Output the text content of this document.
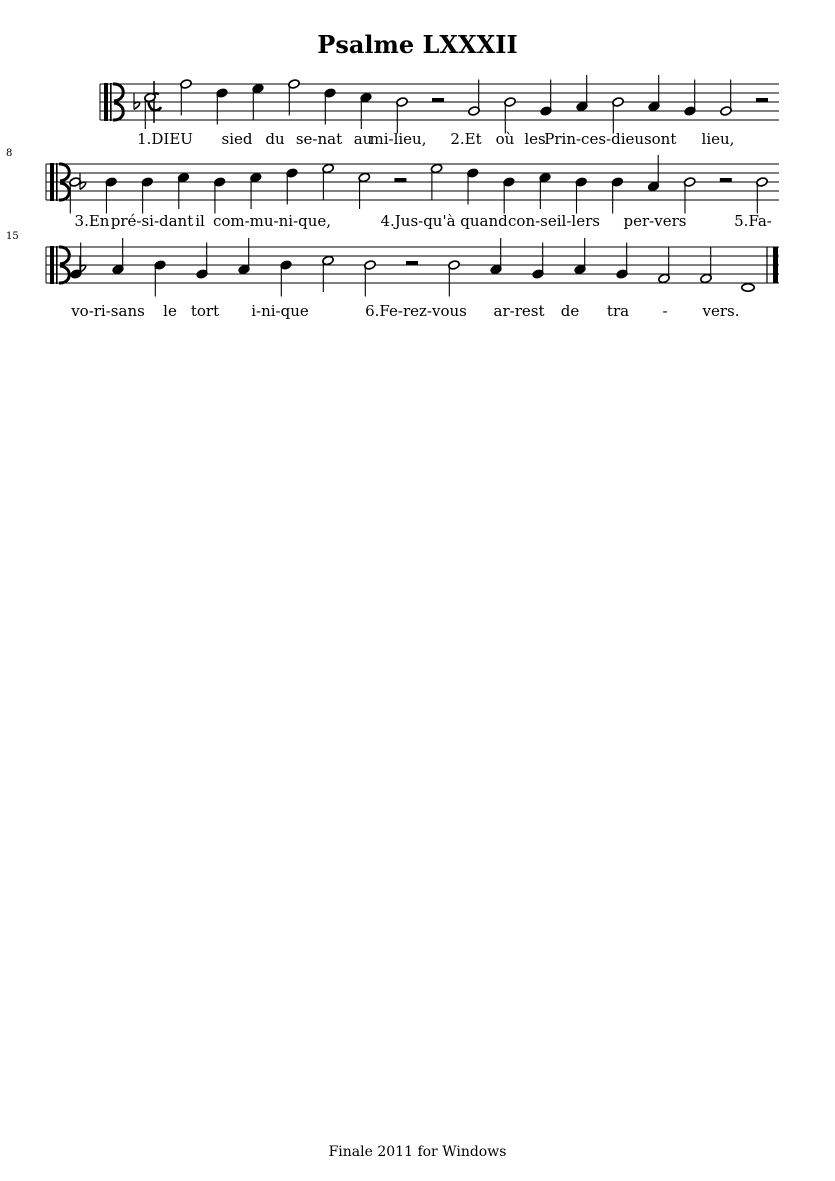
Psalme LXXXII
1.DIEU sied du se-nat au
mi-lieu, 2.Et où les
Prin-ces-dieus ont lieu,
8
3.En pré-si-dant il com-mu-ni-que,	4.Jus-qu'à quand con-seil-lers per-vers	5.Fa-
15
vo-ri-sans le tort i-ni-que	6.Fe-rez-vous ar-rest de tra - vers.
Finale 2011 for Windows
